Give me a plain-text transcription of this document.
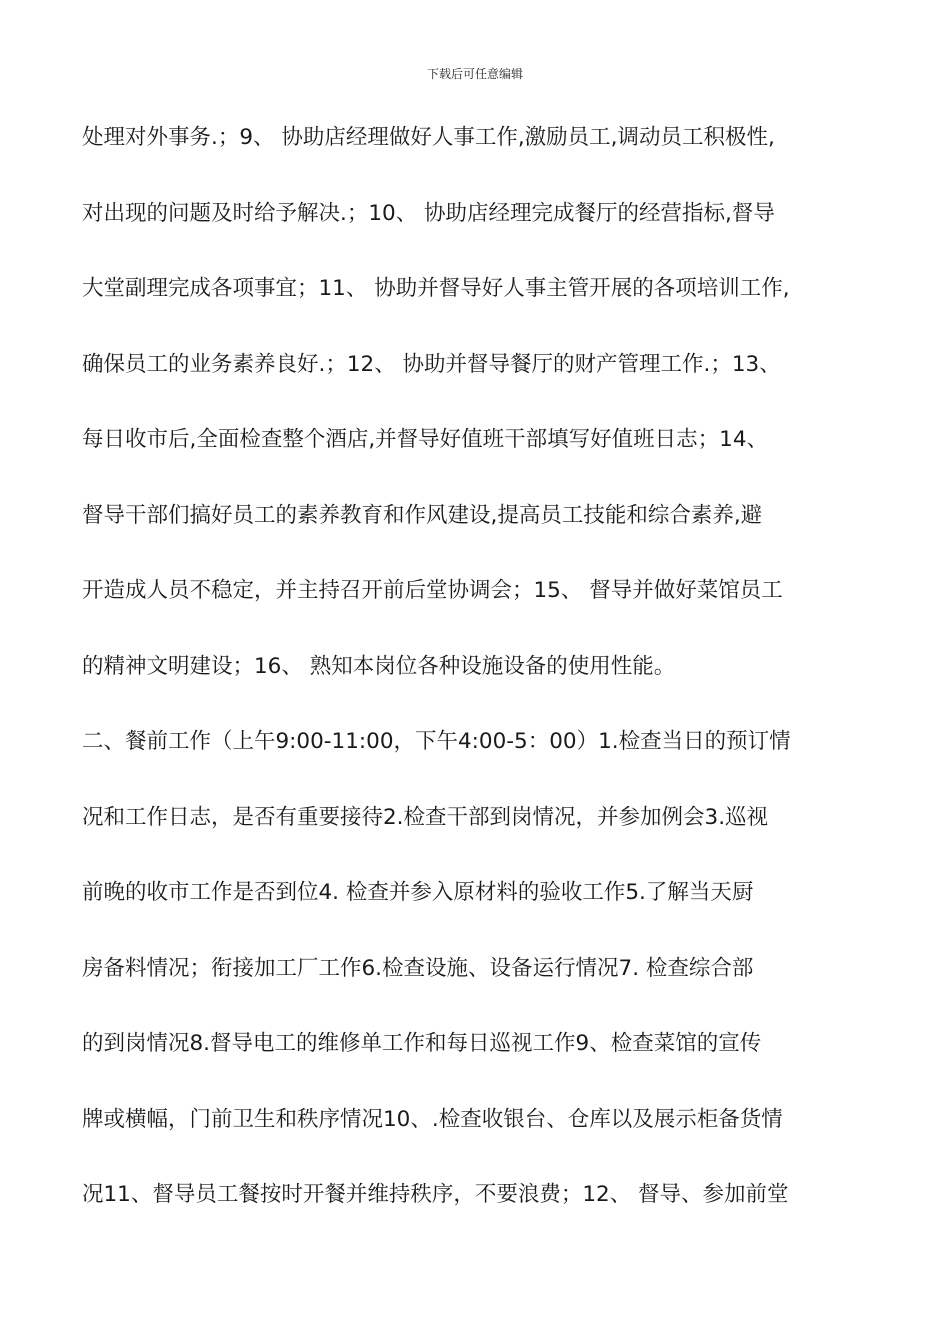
下载后可任意编辑
处理对外事务.；9、 协助店经理做好人事工作,激励员工,调动员工积极性,
对出现的问题及时给予解决.；10、 协助店经理完成餐厅的经营指标,督导
大堂副理完成各项事宜；11、 协助并督导好人事主管开展的各项培训工作,
确保员工的业务素养良好.；12、 协助并督导餐厅的财产管理工作.；13、
每日收市后,全面检查整个酒店,并督导好值班干部填写好值班日志；14、
督导干部们搞好员工的素养教育和作风建设,提高员工技能和综合素养,避
开造成人员不稳定，并主持召开前后堂协调会；15、 督导并做好菜馆员工
的精神文明建设；16、 熟知本岗位各种设施设备的使用性能。
二、餐前工作（上午9:00-11:00，下午4:00-5：00）1.检查当日的预订情
况和工作日志，是否有重要接待2.检查干部到岗情况，并参加例会3.巡视
前晚的收市工作是否到位4. 检查并参入原材料的验收工作5.了解当天厨
房备料情况；衔接加工厂工作6.检查设施、设备运行情况7. 检查综合部
的到岗情况8.督导电工的维修单工作和每日巡视工作9、检查菜馆的宣传
牌或横幅，门前卫生和秩序情况10、.检查收银台、仓库以及展示柜备货情
况11、督导员工餐按时开餐并维持秩序，不要浪费；12、 督导、参加前堂
